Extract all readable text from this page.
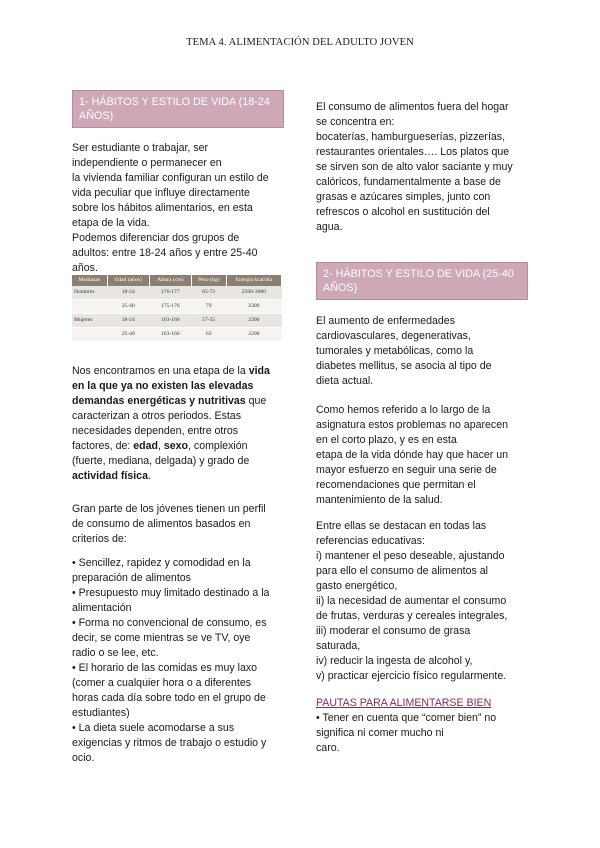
TEMA 4. ALIMENTACIÓN DEL ADULTO JOVEN
1- HÁBITOS Y ESTILO DE VIDA (18-24
AÑOS)
Ser estudiante o trabajar, ser
independiente o permanecer en
la vivienda familiar configuran un estilo de
vida peculiar que influye directamente
sobre los hábitos alimentarios, en esta
etapa de la vida.
Podemos diferenciar dos grupos de
adultos: entre 18-24 años y entre 25-40
años.
Medianas	Edad (años)	Altura (cm)	Peso (kg)	Energía kcal/día
Hombres	18-24	176-177	65-72	2500-3000
	25-40	175-176	79	2300
Mujeres	18-24	163-166	57-55	2200
	25-40	163-166	63	2200
Nos encontramos en una etapa de la vida
en la que ya no existen las elevadas
demandas energéticas y nutritivas que
caracterizan a otros periodos. Estas
necesidades dependen, entre otros
factores, de: edad, sexo, complexión
(fuerte, mediana, delgada) y grado de
actividad física.
Gran parte de los jóvenes tienen un perfil
de consumo de alimentos basados en
criterios de:
• Sencillez, rapidez y comodidad en la
preparación de alimentos
• Presupuesto muy limitado destinado a la
alimentación
• Forma no convencional de consumo, es
decir, se come mientras se ve TV, oye
radio o se lee, etc.
• El horario de las comidas es muy laxo
(comer a cualquier hora o a diferentes
horas cada día sobre todo en el grupo de
estudiantes)
• La dieta suele acomodarse a sus
exigencias y ritmos de trabajo o estudio y
ocio.
El consumo de alimentos fuera del hogar
se concentra en:
bocaterías, hamburgueserías, pizzerías,
restaurantes orientales…. Los platos que
se sirven son de alto valor saciante y muy
calóricos, fundamentalmente a base de
grasas e azúcares simples, junto con
refrescos o alcohol en sustitución del
agua.
2- HÁBITOS Y ESTILO DE VIDA (25-40
AÑOS)
El aumento de enfermedades
cardiovasculares, degenerativas,
tumorales y metabólicas, como la
diabetes mellitus, se asocia al tipo de
dieta actual.
Como hemos referido a lo largo de la
asignatura estos problemas no aparecen
en el corto plazo, y es en esta
etapa de la vida dónde hay que hacer un
mayor esfuerzo en seguir una serie de
recomendaciones que permitan el
mantenimiento de la salud.
Entre ellas se destacan en todas las
referencias educativas:
i) mantener el peso deseable, ajustando
para ello el consumo de alimentos al
gasto energético,
ii) la necesidad de aumentar el consumo
de frutas, verduras y cereales integrales,
iii) moderar el consumo de grasa
saturada,
iv) reducir la ingesta de alcohol y,
v) practicar ejercicio físico regularmente.
PAUTAS PARA ALIMENTARSE BIEN
• Tener en cuenta que “comer bien” no
significa ni comer mucho ni
caro.
